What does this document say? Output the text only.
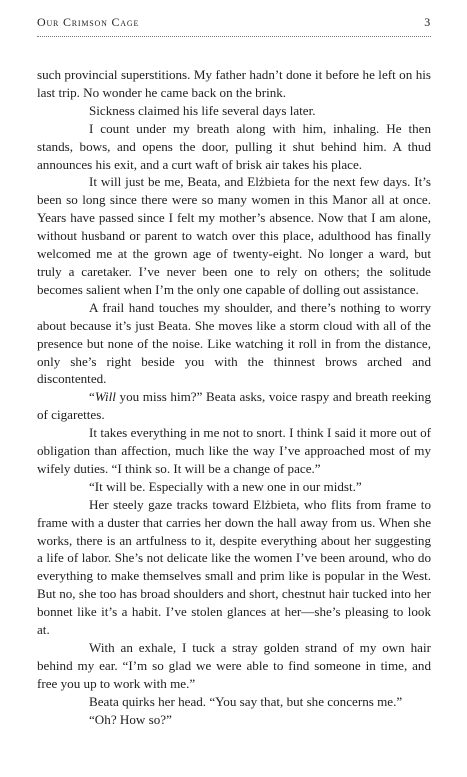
Our Crimson Cage	3

such provincial superstitions. My father hadn’t done it before he left on his last trip. No wonder he came back on the brink.

Sickness claimed his life several days later.

I count under my breath along with him, inhaling. He then stands, bows, and opens the door, pulling it shut behind him. A thud announces his exit, and a curt waft of brisk air takes his place.

It will just be me, Beata, and Elżbieta for the next few days. It’s been so long since there were so many women in this Manor all at once. Years have passed since I felt my mother’s absence. Now that I am alone, without husband or parent to watch over this place, adulthood has finally welcomed me at the grown age of twenty-eight. No longer a ward, but truly a caretaker. I’ve never been one to rely on others; the solitude becomes salient when I’m the only one capable of dolling out assistance.

A frail hand touches my shoulder, and there’s nothing to worry about because it’s just Beata. She moves like a storm cloud with all of the presence but none of the noise. Like watching it roll in from the distance, only she’s right beside you with the thinnest brows arched and discontented.

“Will you miss him?” Beata asks, voice raspy and breath reeking of cigarettes.

It takes everything in me not to snort. I think I said it more out of obligation than affection, much like the way I’ve approached most of my wifely duties. “I think so. It will be a change of pace.”

“It will be. Especially with a new one in our midst.”

Her steely gaze tracks toward Elżbieta, who flits from frame to frame with a duster that carries her down the hall away from us. When she works, there is an artfulness to it, despite everything about her suggesting a life of labor. She’s not delicate like the women I’ve been around, who do everything to make themselves small and prim like is popular in the West. But no, she too has broad shoulders and short, chestnut hair tucked into her bonnet like it’s a habit. I’ve stolen glances at her—she’s pleasing to look at.

With an exhale, I tuck a stray golden strand of my own hair behind my ear. “I’m so glad we were able to find someone in time, and free you up to work with me.”

Beata quirks her head. “You say that, but she concerns me.”

“Oh? How so?”
